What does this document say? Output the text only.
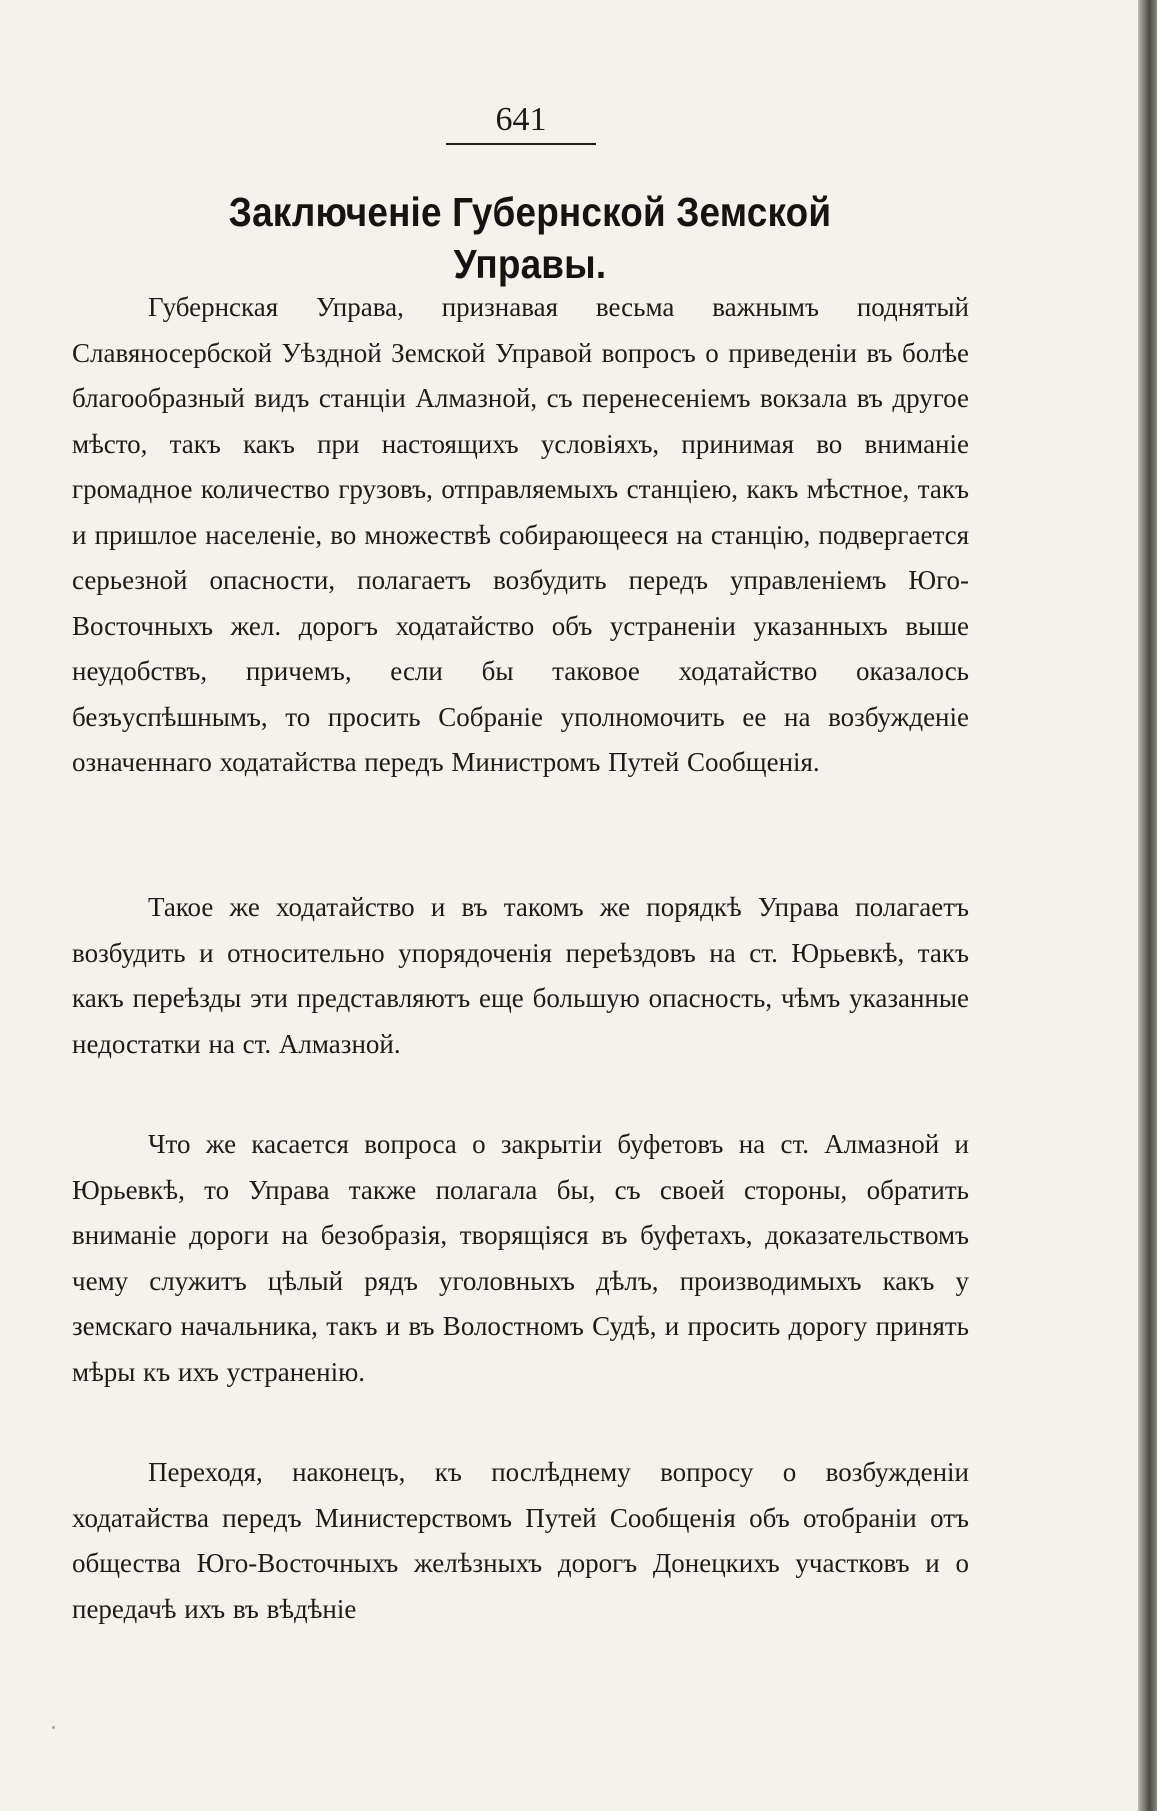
641
Заключеніе Губернской Земской Управы.

Губернская Управа, признавая весьма важнымъ поднятый Славяносербской Уѣздной Земской Управой вопросъ о приведеніи въ болѣе благообразный видъ станціи Алмазной, съ перенесеніемъ вокзала въ другое мѣсто, такъ какъ при настоящихъ условіяхъ, принимая во вниманіе громадное количество грузовъ, отправляемыхъ станціею, какъ мѣстное, такъ и пришлое населеніе, во множествѣ собирающееся на станцію, подвергается серьезной опасности, полагаетъ возбудить передъ управленіемъ Юго-Восточныхъ жел. дорогъ ходатайство объ устраненіи указанныхъ выше неудобствъ, причемъ, если бы таковое ходатайство оказалось безъуспѣшнымъ, то просить Собраніе уполномочить ее на возбужденіе означеннаго ходатайства передъ Министромъ Путей Сообщенія.

Такое же ходатайство и въ такомъ же порядкѣ Управа полагаетъ возбудить и относительно упорядоченія переѣздовъ на ст. Юрьевкѣ, такъ какъ переѣзды эти представляютъ еще большую опасность, чѣмъ указанные недостатки на ст. Алмазной.

Что же касается вопроса о закрытіи буфетовъ на ст. Алмазной и Юрьевкѣ, то Управа также полагала бы, съ своей стороны, обратить вниманіе дороги на безобразія, творящіяся въ буфетахъ, доказательствомъ чему служитъ цѣлый рядъ уголовныхъ дѣлъ, производимыхъ какъ у земскаго начальника, такъ и въ Волостномъ Судѣ, и просить дорогу принять мѣры къ ихъ устраненію.

Переходя, наконецъ, къ послѣднему вопросу о возбужденіи ходатайства передъ Министерствомъ Путей Сообщенія объ отобраніи отъ общества Юго-Восточныхъ желѣзныхъ дорогъ Донецкихъ участковъ и о передачѣ ихъ въ вѣдѣніе
